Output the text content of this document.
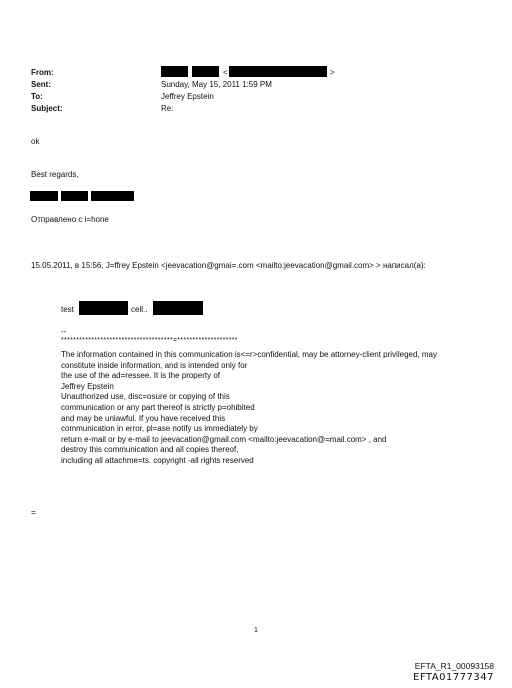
From:
Sent:
To:
Subject:
<	>
Sunday, May 15, 2011 1:59 PM
Jeffrey Epstein
Re:
ok
Best regards,
Отправлено с i=hone
15.05.2011, в 15:56, J=ffrey Epstein <jeevacation@gmai=.com <mailto:jeevacation@gmail.com> > написал(а):
test	cell..
--
*************************************=********************
The information contained in this communication is<=r>confidential, may be attorney-client privileged, may
constitute inside information, and is intended only for
the use of the ad=ressee. It is the property of
Jeffrey Epstein
Unauthorized use, disc=osure or copying of this
communication or any part thereof is strictly p=ohibited
and may be unlawful. If you have received this
communication in error, pl=ase notify us immediately by
return e-mail or by e-mail to jeevacation@gmail.com <mailto:jeevacation@=mail.com> , and
destroy this communication and all copies thereof,
including all attachme=ts. copyright -all rights reserved
=
1
EFTA_R1_00093158
EFTA01777347
